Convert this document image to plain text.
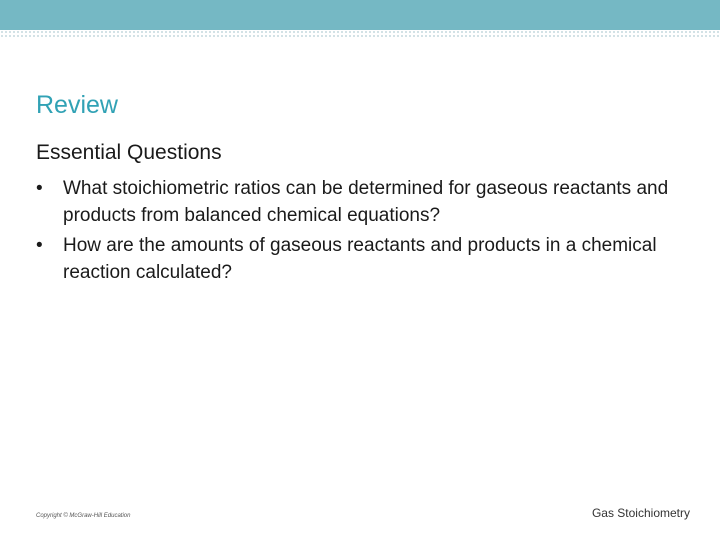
Review
Essential Questions
•	What stoichiometric ratios can be determined for gaseous reactants and products from balanced chemical equations?
•	How are the amounts of gaseous reactants and products in a chemical reaction calculated?
Copyright © McGraw-Hill Education	Gas Stoichiometry
